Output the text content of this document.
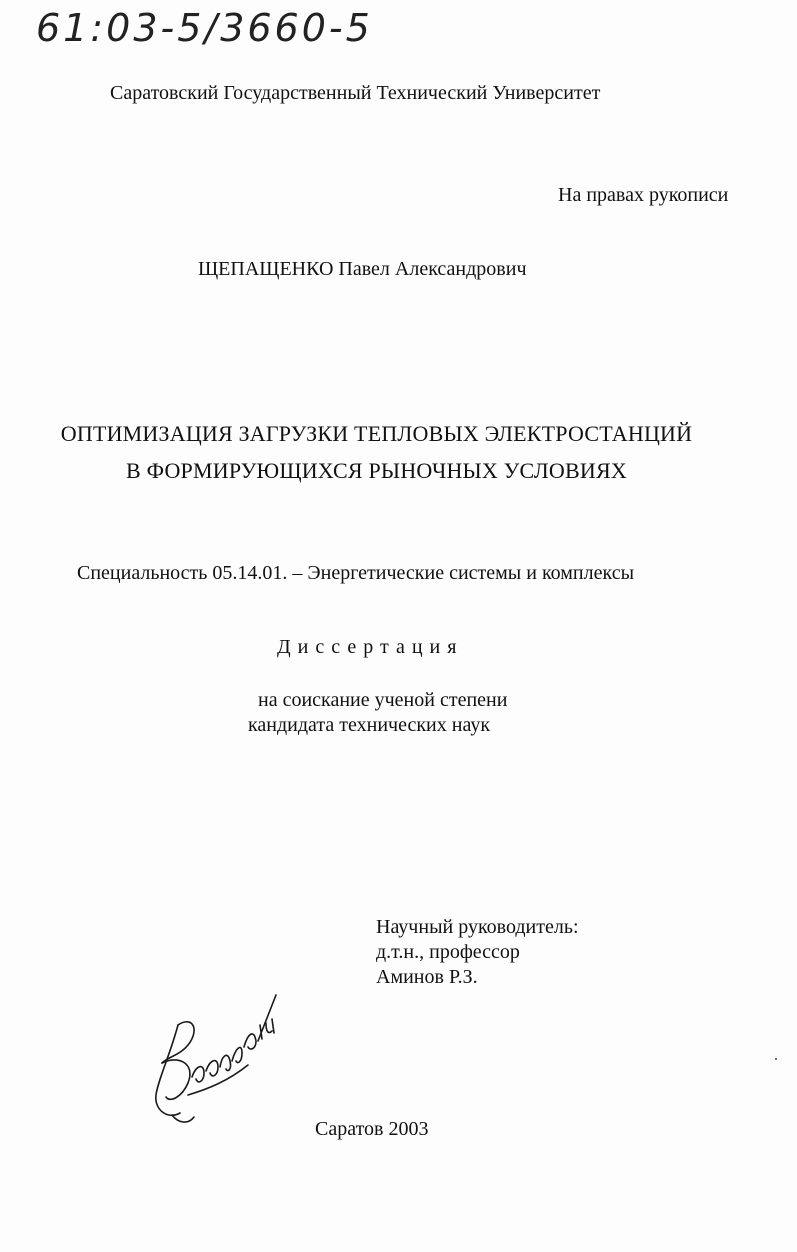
61:03-5/3660-5
Саратовский Государственный Технический Университет
На правах рукописи
ЩЕПАЩЕНКО Павел Александрович
ОПТИМИЗАЦИЯ ЗАГРУЗКИ ТЕПЛОВЫХ ЭЛЕКТРОСТАНЦИЙ
В ФОРМИРУЮЩИХСЯ РЫНОЧНЫХ УСЛОВИЯХ
Специальность 05.14.01. – Энергетические системы и комплексы
Диссертация
на соискание ученой степени
кандидата технических наук
Научный руководитель:
д.т.н., профессор
Аминов Р.З.
Саратов 2003
